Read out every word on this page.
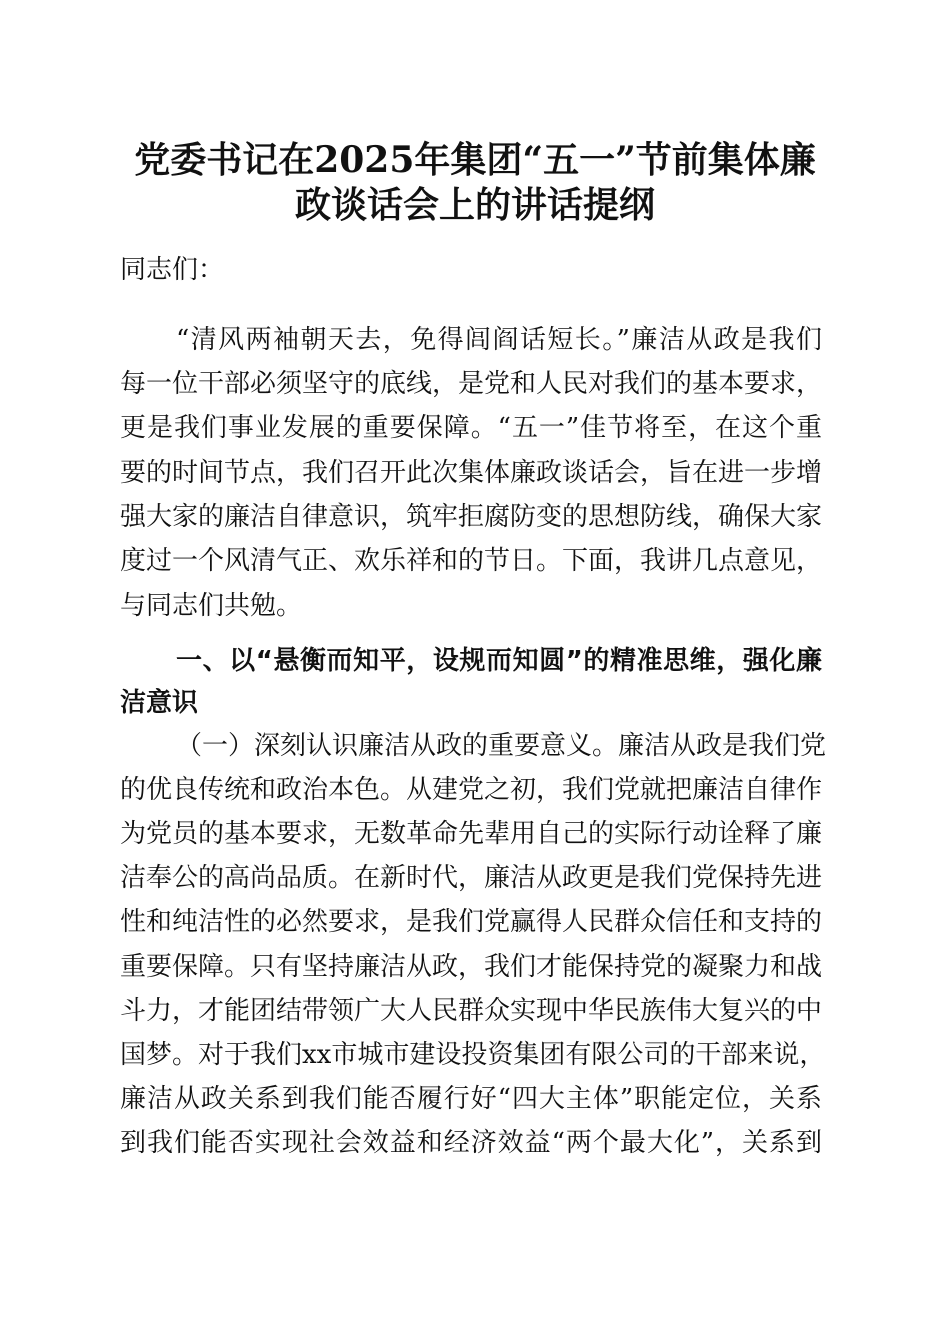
党委书记在2025年集团“五一”节前集体廉
政谈话会上的讲话提纲
同志们：
“清风两袖朝天去，免得闾阎话短长。”廉洁从政是我们
每一位干部必须坚守的底线，是党和人民对我们的基本要求，
更是我们事业发展的重要保障。“五一”佳节将至，在这个重
要的时间节点，我们召开此次集体廉政谈话会，旨在进一步增
强大家的廉洁自律意识，筑牢拒腐防变的思想防线，确保大家
度过一个风清气正、欢乐祥和的节日。下面，我讲几点意见，
与同志们共勉。
一、以“悬衡而知平，设规而知圆”的精准思维，强化廉
洁意识
（一）深刻认识廉洁从政的重要意义。廉洁从政是我们党
的优良传统和政治本色。从建党之初，我们党就把廉洁自律作
为党员的基本要求，无数革命先辈用自己的实际行动诠释了廉
洁奉公的高尚品质。在新时代，廉洁从政更是我们党保持先进
性和纯洁性的必然要求，是我们党赢得人民群众信任和支持的
重要保障。只有坚持廉洁从政，我们才能保持党的凝聚力和战
斗力，才能团结带领广大人民群众实现中华民族伟大复兴的中
国梦。对于我们xx市城市建设投资集团有限公司的干部来说，
廉洁从政关系到我们能否履行好“四大主体”职能定位，关系
到我们能否实现社会效益和经济效益“两个最大化”，关系到
